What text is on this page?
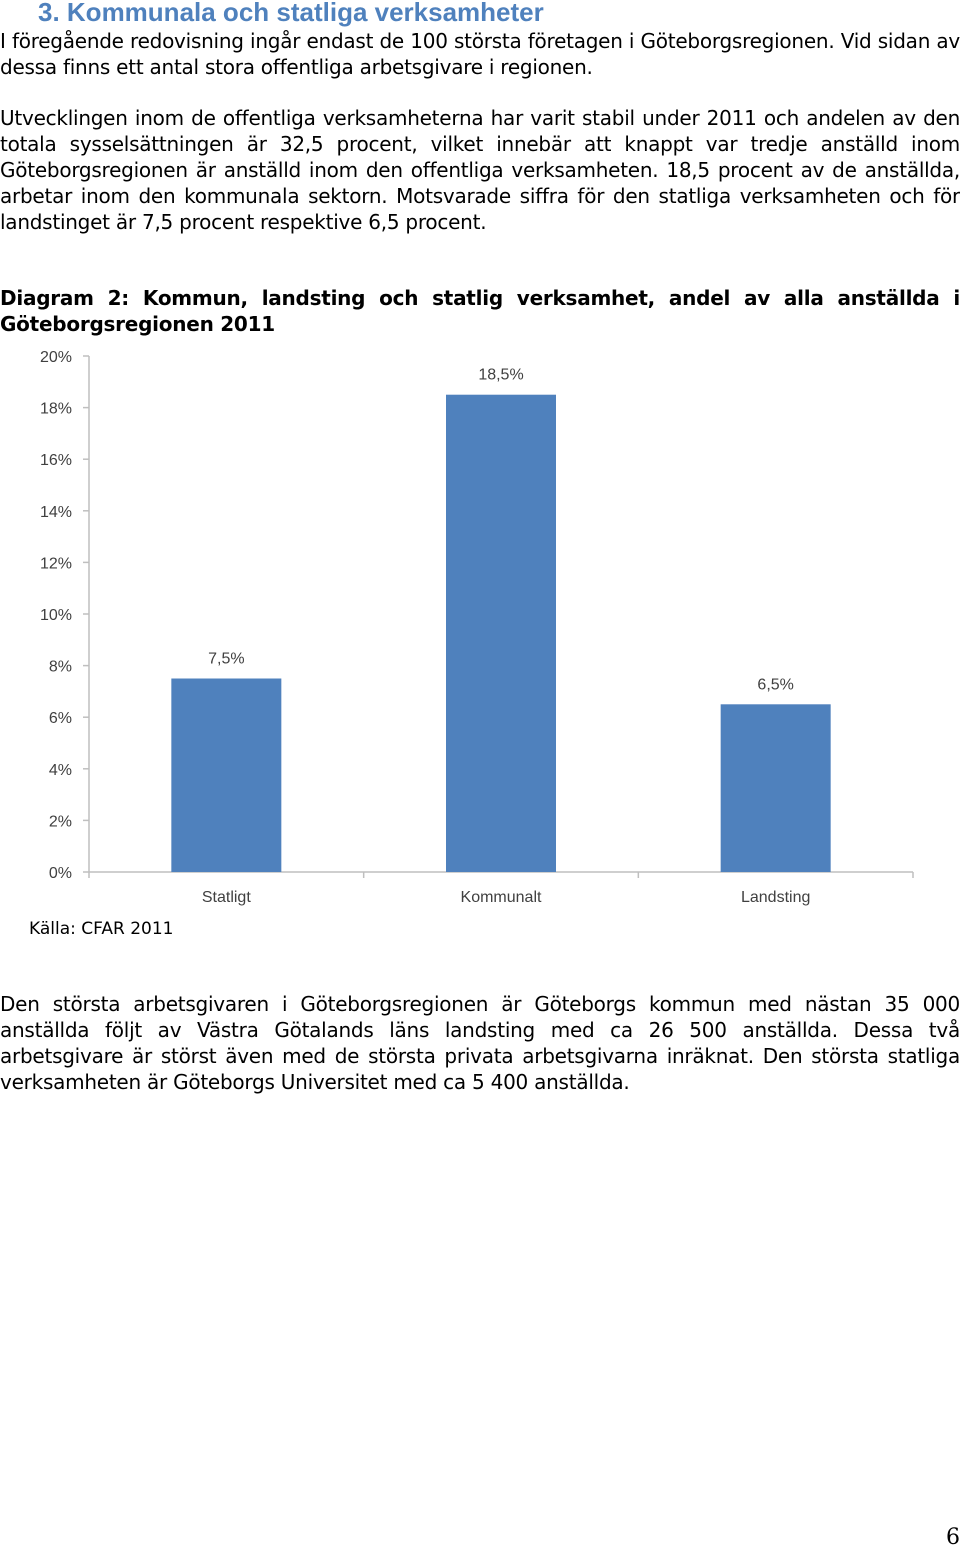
3. Kommunala och statliga verksamheter

I föregående redovisning ingår endast de 100 största företagen i Göteborgsregionen. Vid sidan av dessa finns ett antal stora offentliga arbetsgivare i regionen.

Utvecklingen inom de offentliga verksamheterna har varit stabil under 2011 och andelen av den totala sysselsättningen är 32,5 procent, vilket innebär att knappt var tredje anställd inom Göteborgsregionen är anställd inom den offentliga verksamheten. 18,5 procent av de anställda, arbetar inom den kommunala sektorn. Motsvarade siffra för den statliga verksamheten och för landstinget är 7,5 procent respektive 6,5 procent.

Diagram 2: Kommun, landsting och statlig verksamhet, andel av alla anställda i Göteborgsregionen 2011

0%
2%
4%
6%
8%
10%
12%
14%
16%
18%
20%
7,5%
Statligt
18,5%
Kommunalt
6,5%
Landsting

Källa: CFAR 2011

Den största arbetsgivaren i Göteborgsregionen är Göteborgs kommun med nästan 35 000 anställda följt av Västra Götalands läns landsting med ca 26 500 anställda. Dessa två arbetsgivare är störst även med de största privata arbetsgivarna inräknat. Den största statliga verksamheten är Göteborgs Universitet med ca 5 400 anställda.

6
